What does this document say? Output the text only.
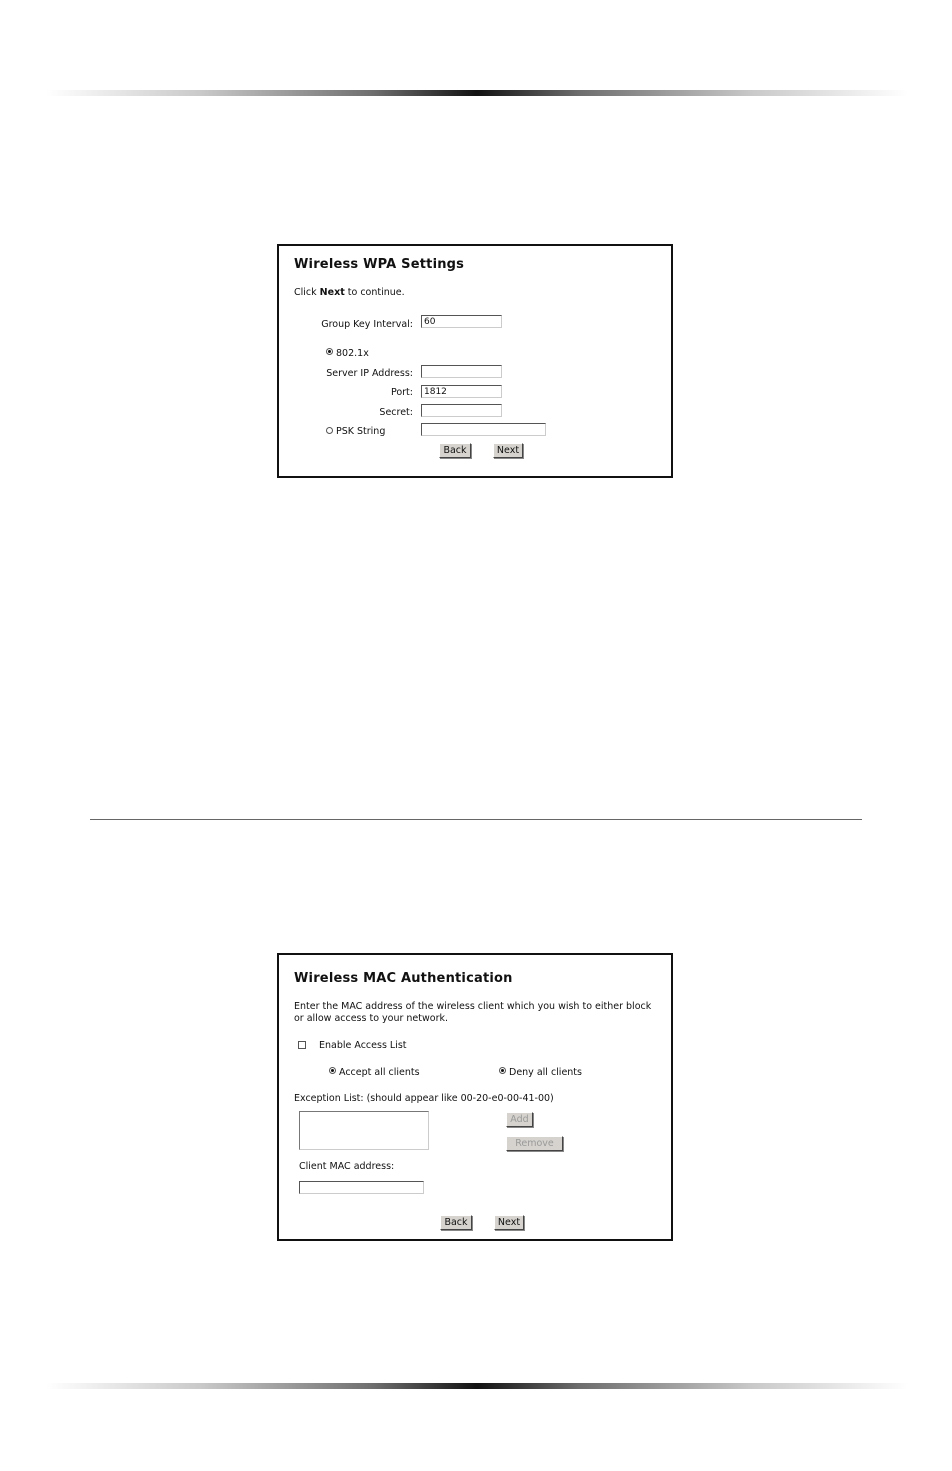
Wireless WPA Settings
Click Next to continue.
Group Key Interval:	60
802.1x
Server IP Address:
Port:	1812
Secret:
PSK String
Back	Next
Wireless MAC Authentication
Enter the MAC address of the wireless client which you wish to either block
or allow access to your network.
Enable Access List
Accept all clients	Deny all clients
Exception List: (should appear like 00-20-e0-00-41-00)
Add
Remove
Client MAC address:
Back	Next
